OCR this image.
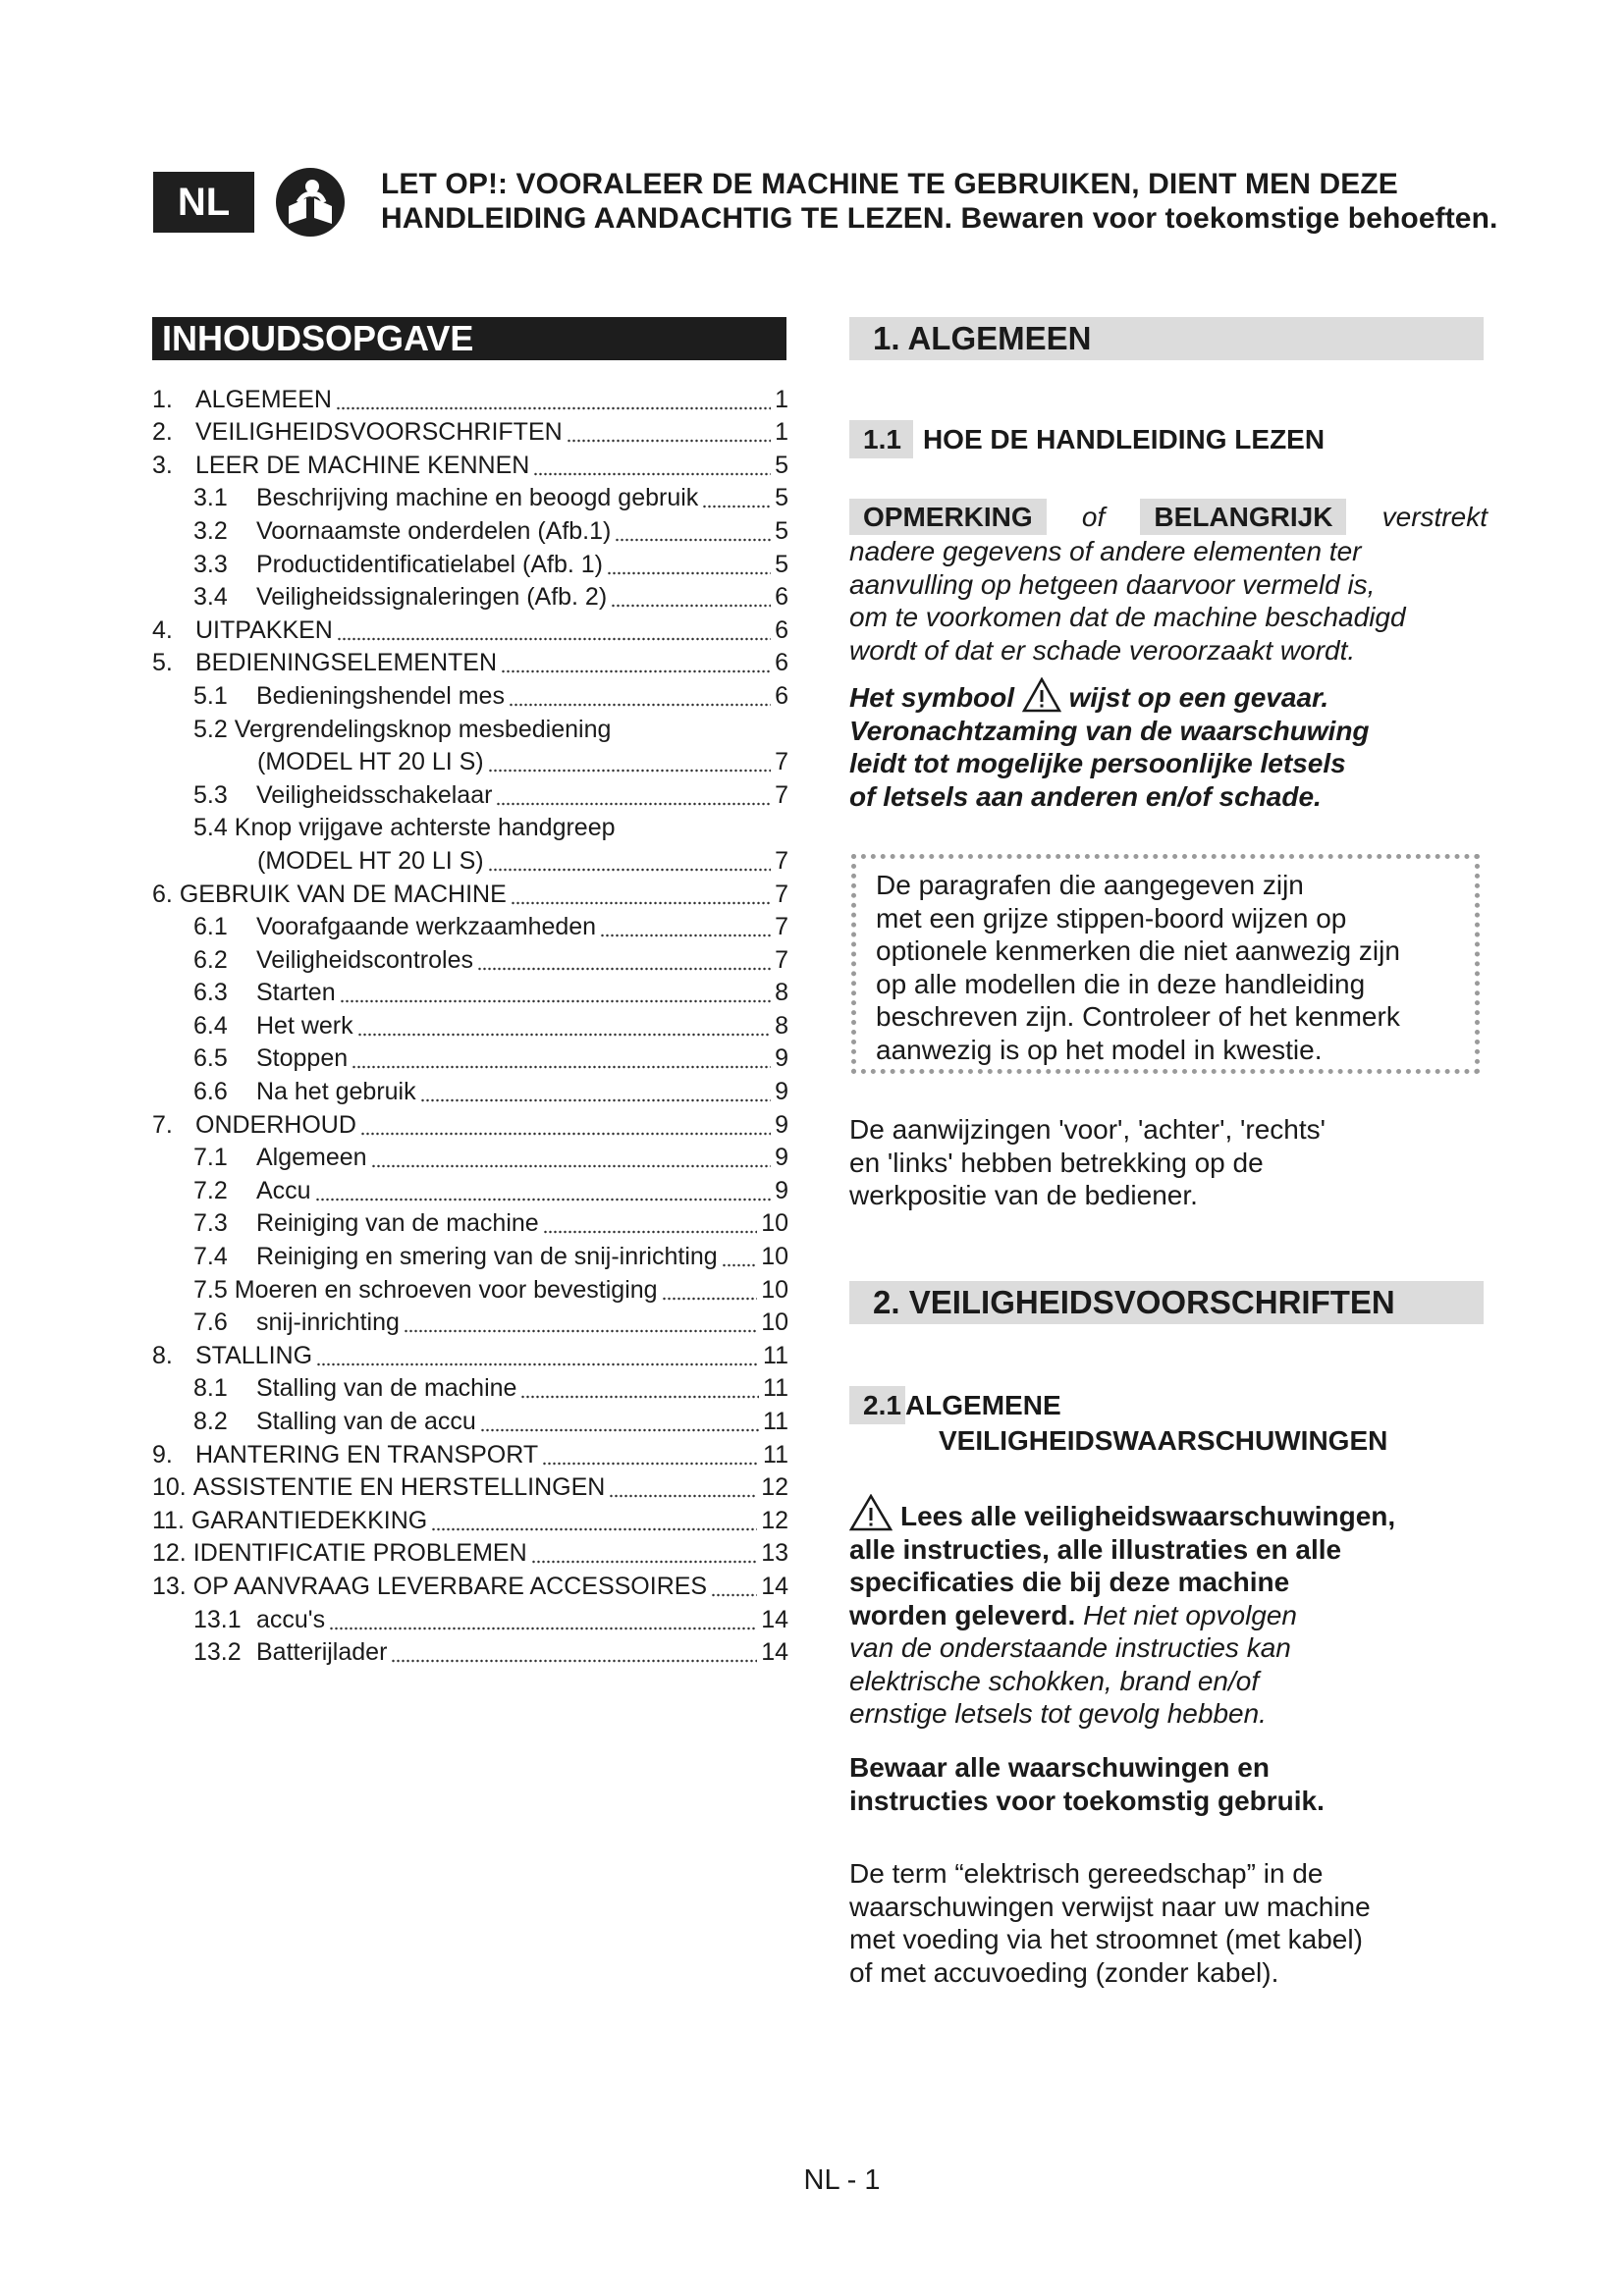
NL	LET OP!: VOORALEER DE MACHINE TE GEBRUIKEN, DIENT MEN DEZE
HANDLEIDING AANDACHTIG TE LEZEN. Bewaren voor toekomstige behoeften.
INHOUDSOPGAVE
1. ALGEMEEN	1
2. VEILIGHEIDSVOORSCHRIFTEN	1
3. LEER DE MACHINE KENNEN	5
3.1	Beschrijving machine en beoogd gebruik	5
3.2	Voornaamste onderdelen (Afb.1)	5
3.3	Productidentificatielabel (Afb. 1)	5
3.4	Veiligheidssignaleringen (Afb. 2)	6
4. UITPAKKEN	6
5. BEDIENINGSELEMENTEN	6
5.1	Bedieningshendel mes	6
5.2 Vergrendelingsknop mesbediening
(MODEL HT 20 LI S)	7
5.3	Veiligheidsschakelaar	7
5.4 Knop vrijgave achterste handgreep
(MODEL HT 20 LI S)	7
6. GEBRUIK VAN DE MACHINE	7
6.1	Voorafgaande werkzaamheden	7
6.2	Veiligheidscontroles	7
6.3	Starten	8
6.4	Het werk	8
6.5	Stoppen	9
6.6	Na het gebruik	9
7. ONDERHOUD	9
7.1	Algemeen	9
7.2	Accu	9
7.3	Reiniging van de machine	10
7.4	Reiniging en smering van de snij-inrichting 10
7.5 Moeren en schroeven voor bevestiging	10
7.6	snij-inrichting	10
8. STALLING	11
8.1	Stalling van de machine	11
8.2	Stalling van de accu	11
9. HANTERING EN TRANSPORT	11
10. ASSISTENTIE EN HERSTELLINGEN	12
11. GARANTIEDEKKING	12
12. IDENTIFICATIE PROBLEMEN	13
13. OP AANVRAAG LEVERBARE ACCESSOIRES 14
13.1 accu's	14
13.2 Batterijlader	14
1. ALGEMEEN
1.1 HOE DE HANDLEIDING LEZEN
OPMERKING	of	BELANGRIJK	verstrekt
nadere gegevens of andere elementen ter
aanvulling op hetgeen daarvoor vermeld is,
om te voorkomen dat de machine beschadigd
wordt of dat er schade veroorzaakt wordt.
Het symbool wijst op een gevaar.
Veronachtzaming van de waarschuwing
leidt tot mogelijke persoonlijke letsels
of letsels aan anderen en/of schade.
De paragrafen die aangegeven zijn
met een grijze stippen-boord wijzen op
optionele kenmerken die niet aanwezig zijn
op alle modellen die in deze handleiding
beschreven zijn. Controleer of het kenmerk
aanwezig is op het model in kwestie.
De aanwijzingen 'voor', 'achter', 'rechts'
en 'links' hebben betrekking op de
werkpositie van de bediener.
2. VEILIGHEIDSVOORSCHRIFTEN
2.1 ALGEMENE
VEILIGHEIDSWAARSCHUWINGEN
Lees alle veiligheidswaarschuwingen,
alle instructies, alle illustraties en alle
specificaties die bij deze machine
worden geleverd. Het niet opvolgen
van de onderstaande instructies kan
elektrische schokken, brand en/of
ernstige letsels tot gevolg hebben.
Bewaar alle waarschuwingen en
instructies voor toekomstig gebruik.
De term “elektrisch gereedschap” in de
waarschuwingen verwijst naar uw machine
met voeding via het stroomnet (met kabel)
of met accuvoeding (zonder kabel).
NL - 1
